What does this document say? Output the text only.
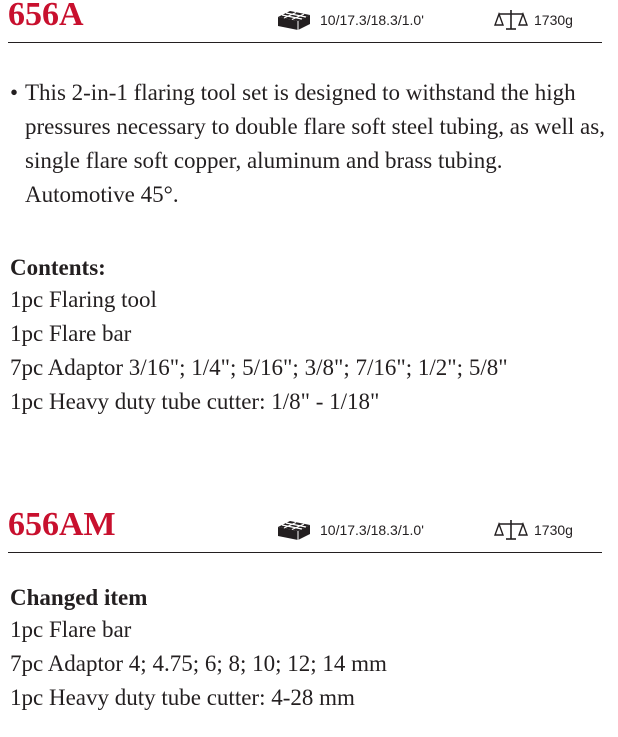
656A	10/17.3/18.3/1.0'	1730g
• This 2-in-1 flaring tool set is designed to withstand the high pressures necessary to double flare soft steel tubing, as well as, single flare soft copper, aluminum and brass tubing. Automotive 45°.
Contents:
1pc Flaring tool
1pc Flare bar
7pc Adaptor 3/16"; 1/4"; 5/16"; 3/8"; 7/16"; 1/2"; 5/8"
1pc Heavy duty tube cutter: 1/8" - 1/18"
656AM	10/17.3/18.3/1.0'	1730g
Changed item
1pc Flare bar
7pc Adaptor 4; 4.75; 6; 8; 10; 12; 14 mm
1pc Heavy duty tube cutter: 4-28 mm
